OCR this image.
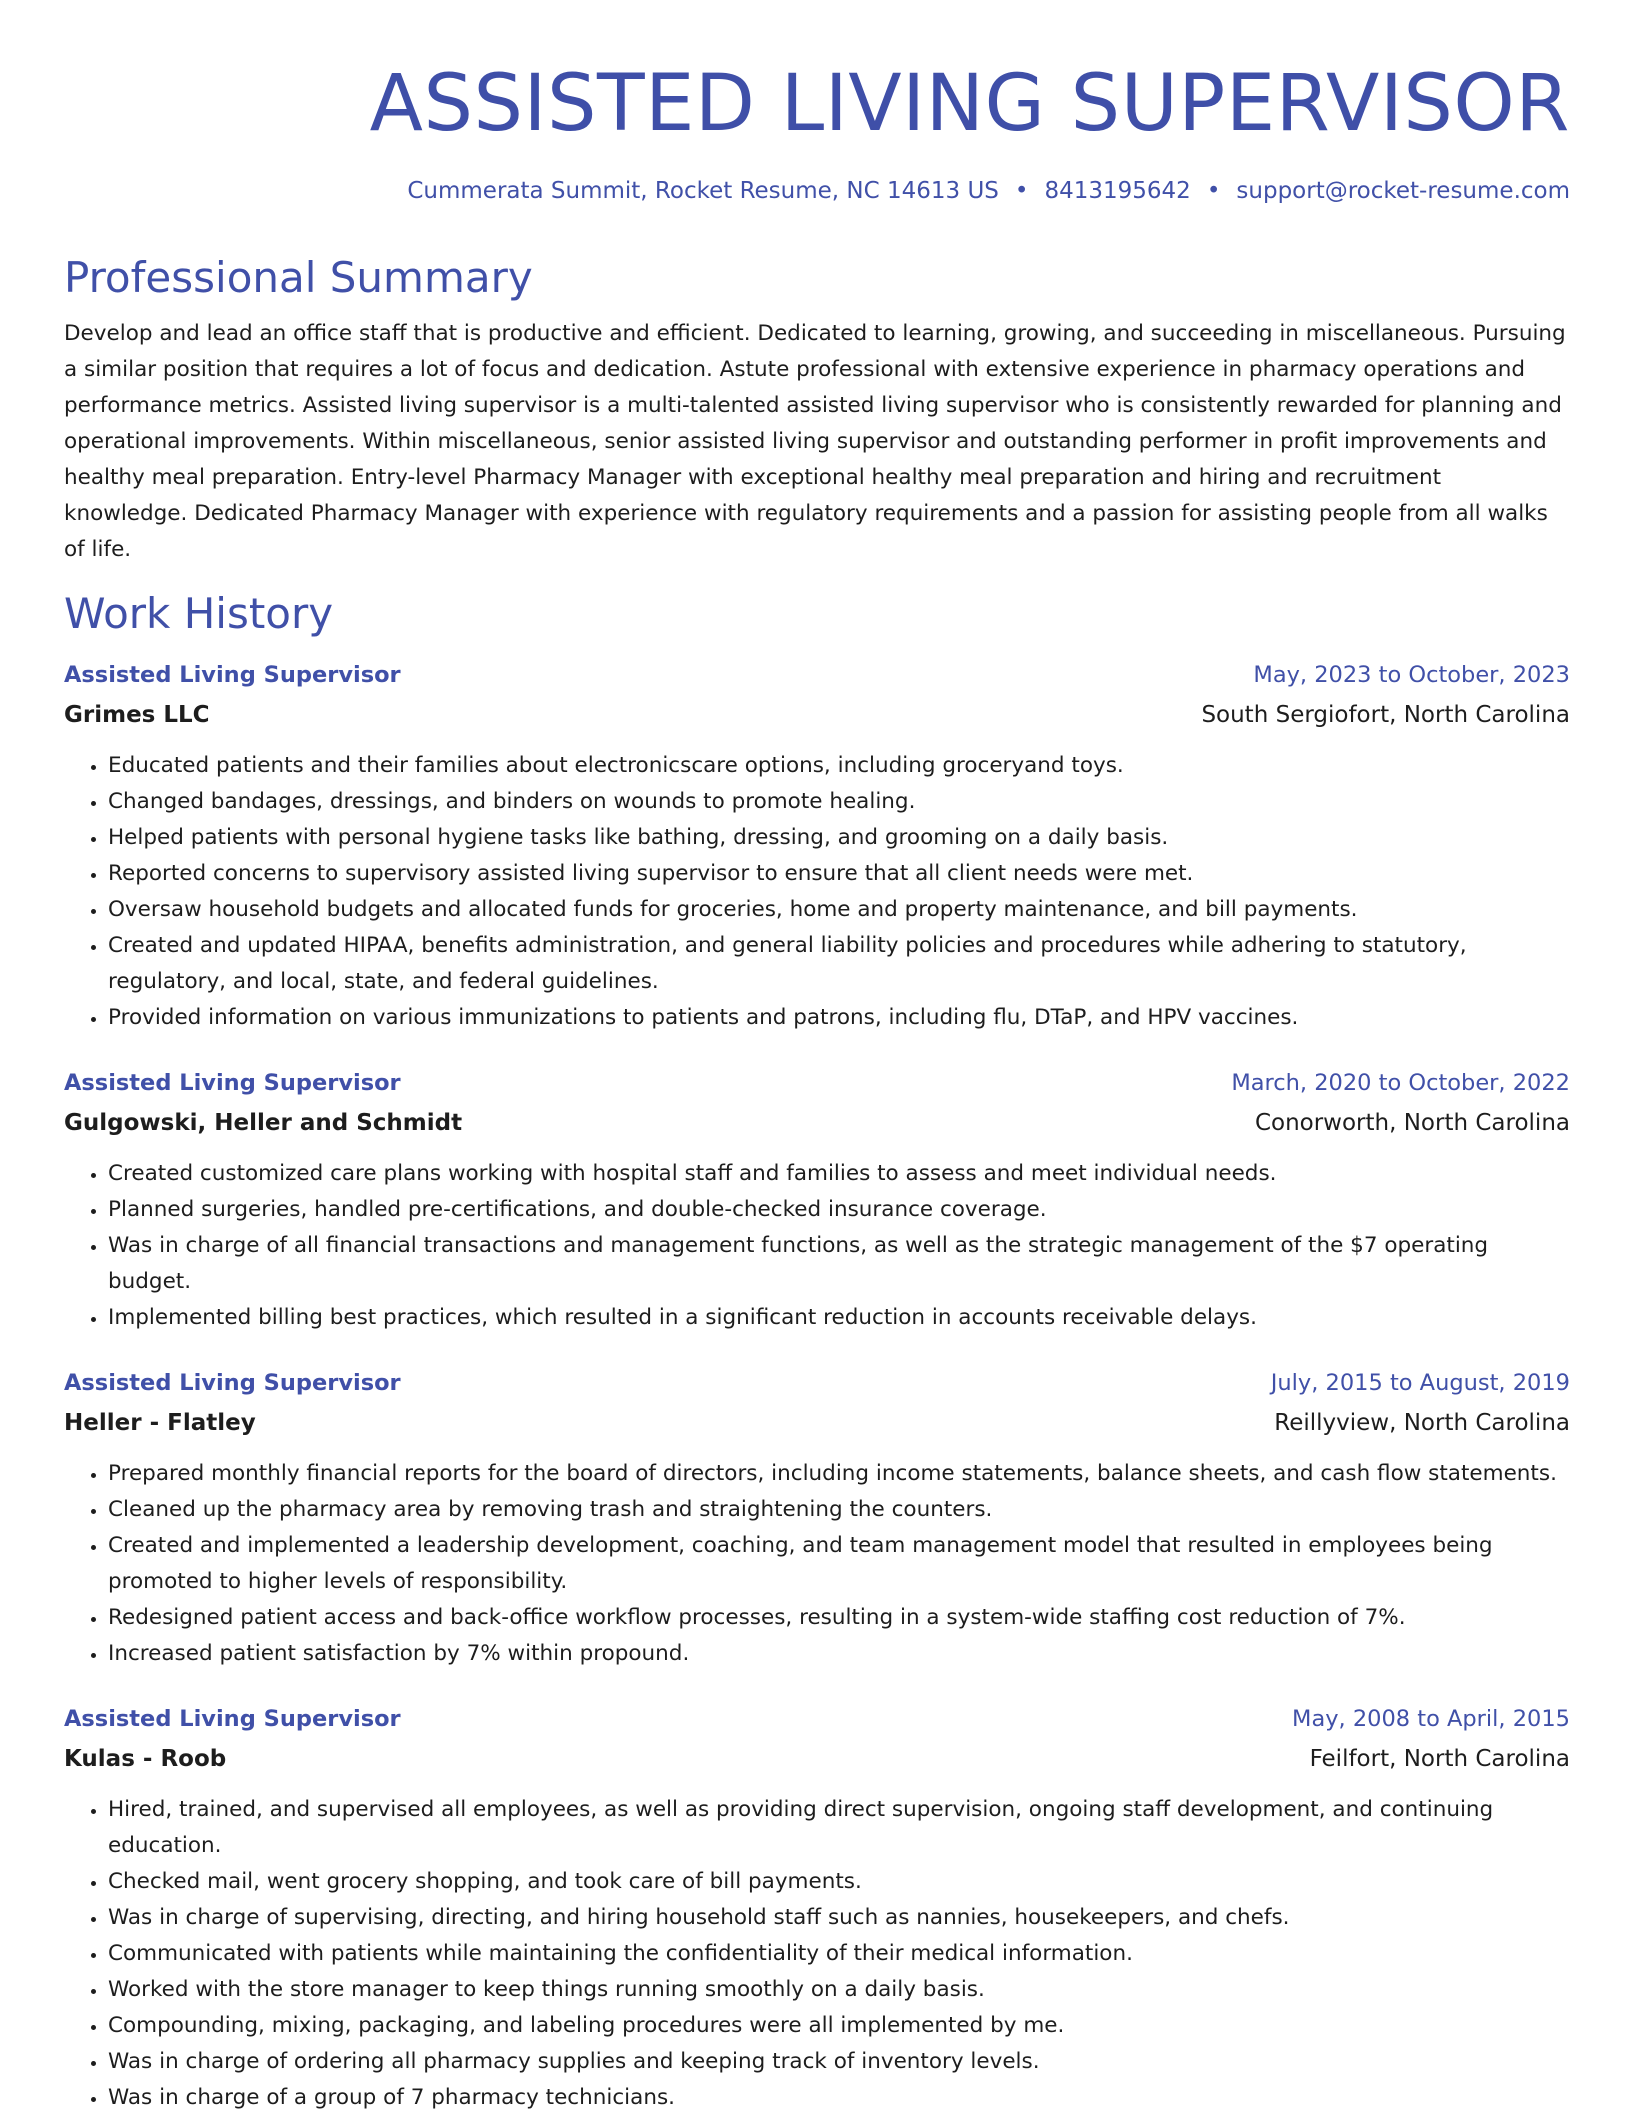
ASSISTED LIVING SUPERVISOR
Cummerata Summit, Rocket Resume, NC 14613 US • 8413195642 • support@rocket-resume.com
Professional Summary

Develop and lead an office staff that is productive and efficient. Dedicated to learning, growing, and succeeding in miscellaneous. Pursuing a similar position that requires a lot of focus and dedication. Astute professional with extensive experience in pharmacy operations and performance metrics. Assisted living supervisor is a multi-talented assisted living supervisor who is consistently rewarded for planning and operational improvements. Within miscellaneous, senior assisted living supervisor and outstanding performer in profit improvements and healthy meal preparation. Entry-level Pharmacy Manager with exceptional healthy meal preparation and hiring and recruitment knowledge. Dedicated Pharmacy Manager with experience with regulatory requirements and a passion for assisting people from all walks of life.

Work History
Assisted Living Supervisor	May, 2023 to October, 2023
Grimes LLC	South Sergiofort, North Carolina
• Educated patients and their families about electronicscare options, including groceryand toys.
• Changed bandages, dressings, and binders on wounds to promote healing.
• Helped patients with personal hygiene tasks like bathing, dressing, and grooming on a daily basis.
• Reported concerns to supervisory assisted living supervisor to ensure that all client needs were met.
• Oversaw household budgets and allocated funds for groceries, home and property maintenance, and bill payments.
• Created and updated HIPAA, benefits administration, and general liability policies and procedures while adhering to statutory, regulatory, and local, state, and federal guidelines.
• Provided information on various immunizations to patients and patrons, including flu, DTaP, and HPV vaccines.
Assisted Living Supervisor	March, 2020 to October, 2022
Gulgowski, Heller and Schmidt	Conorworth, North Carolina
• Created customized care plans working with hospital staff and families to assess and meet individual needs.
• Planned surgeries, handled pre-certifications, and double-checked insurance coverage.
• Was in charge of all financial transactions and management functions, as well as the strategic management of the $7 operating budget.
• Implemented billing best practices, which resulted in a significant reduction in accounts receivable delays.
Assisted Living Supervisor	July, 2015 to August, 2019
Heller - Flatley	Reillyview, North Carolina
• Prepared monthly financial reports for the board of directors, including income statements, balance sheets, and cash flow statements.
• Cleaned up the pharmacy area by removing trash and straightening the counters.
• Created and implemented a leadership development, coaching, and team management model that resulted in employees being promoted to higher levels of responsibility.
• Redesigned patient access and back-office workflow processes, resulting in a system-wide staffing cost reduction of 7%.
• Increased patient satisfaction by 7% within propound.
Assisted Living Supervisor	May, 2008 to April, 2015
Kulas - Roob	Feilfort, North Carolina
• Hired, trained, and supervised all employees, as well as providing direct supervision, ongoing staff development, and continuing education.
• Checked mail, went grocery shopping, and took care of bill payments.
• Was in charge of supervising, directing, and hiring household staff such as nannies, housekeepers, and chefs.
• Communicated with patients while maintaining the confidentiality of their medical information.
• Worked with the store manager to keep things running smoothly on a daily basis.
• Compounding, mixing, packaging, and labeling procedures were all implemented by me.
• Was in charge of ordering all pharmacy supplies and keeping track of inventory levels.
• Was in charge of a group of 7 pharmacy technicians.
